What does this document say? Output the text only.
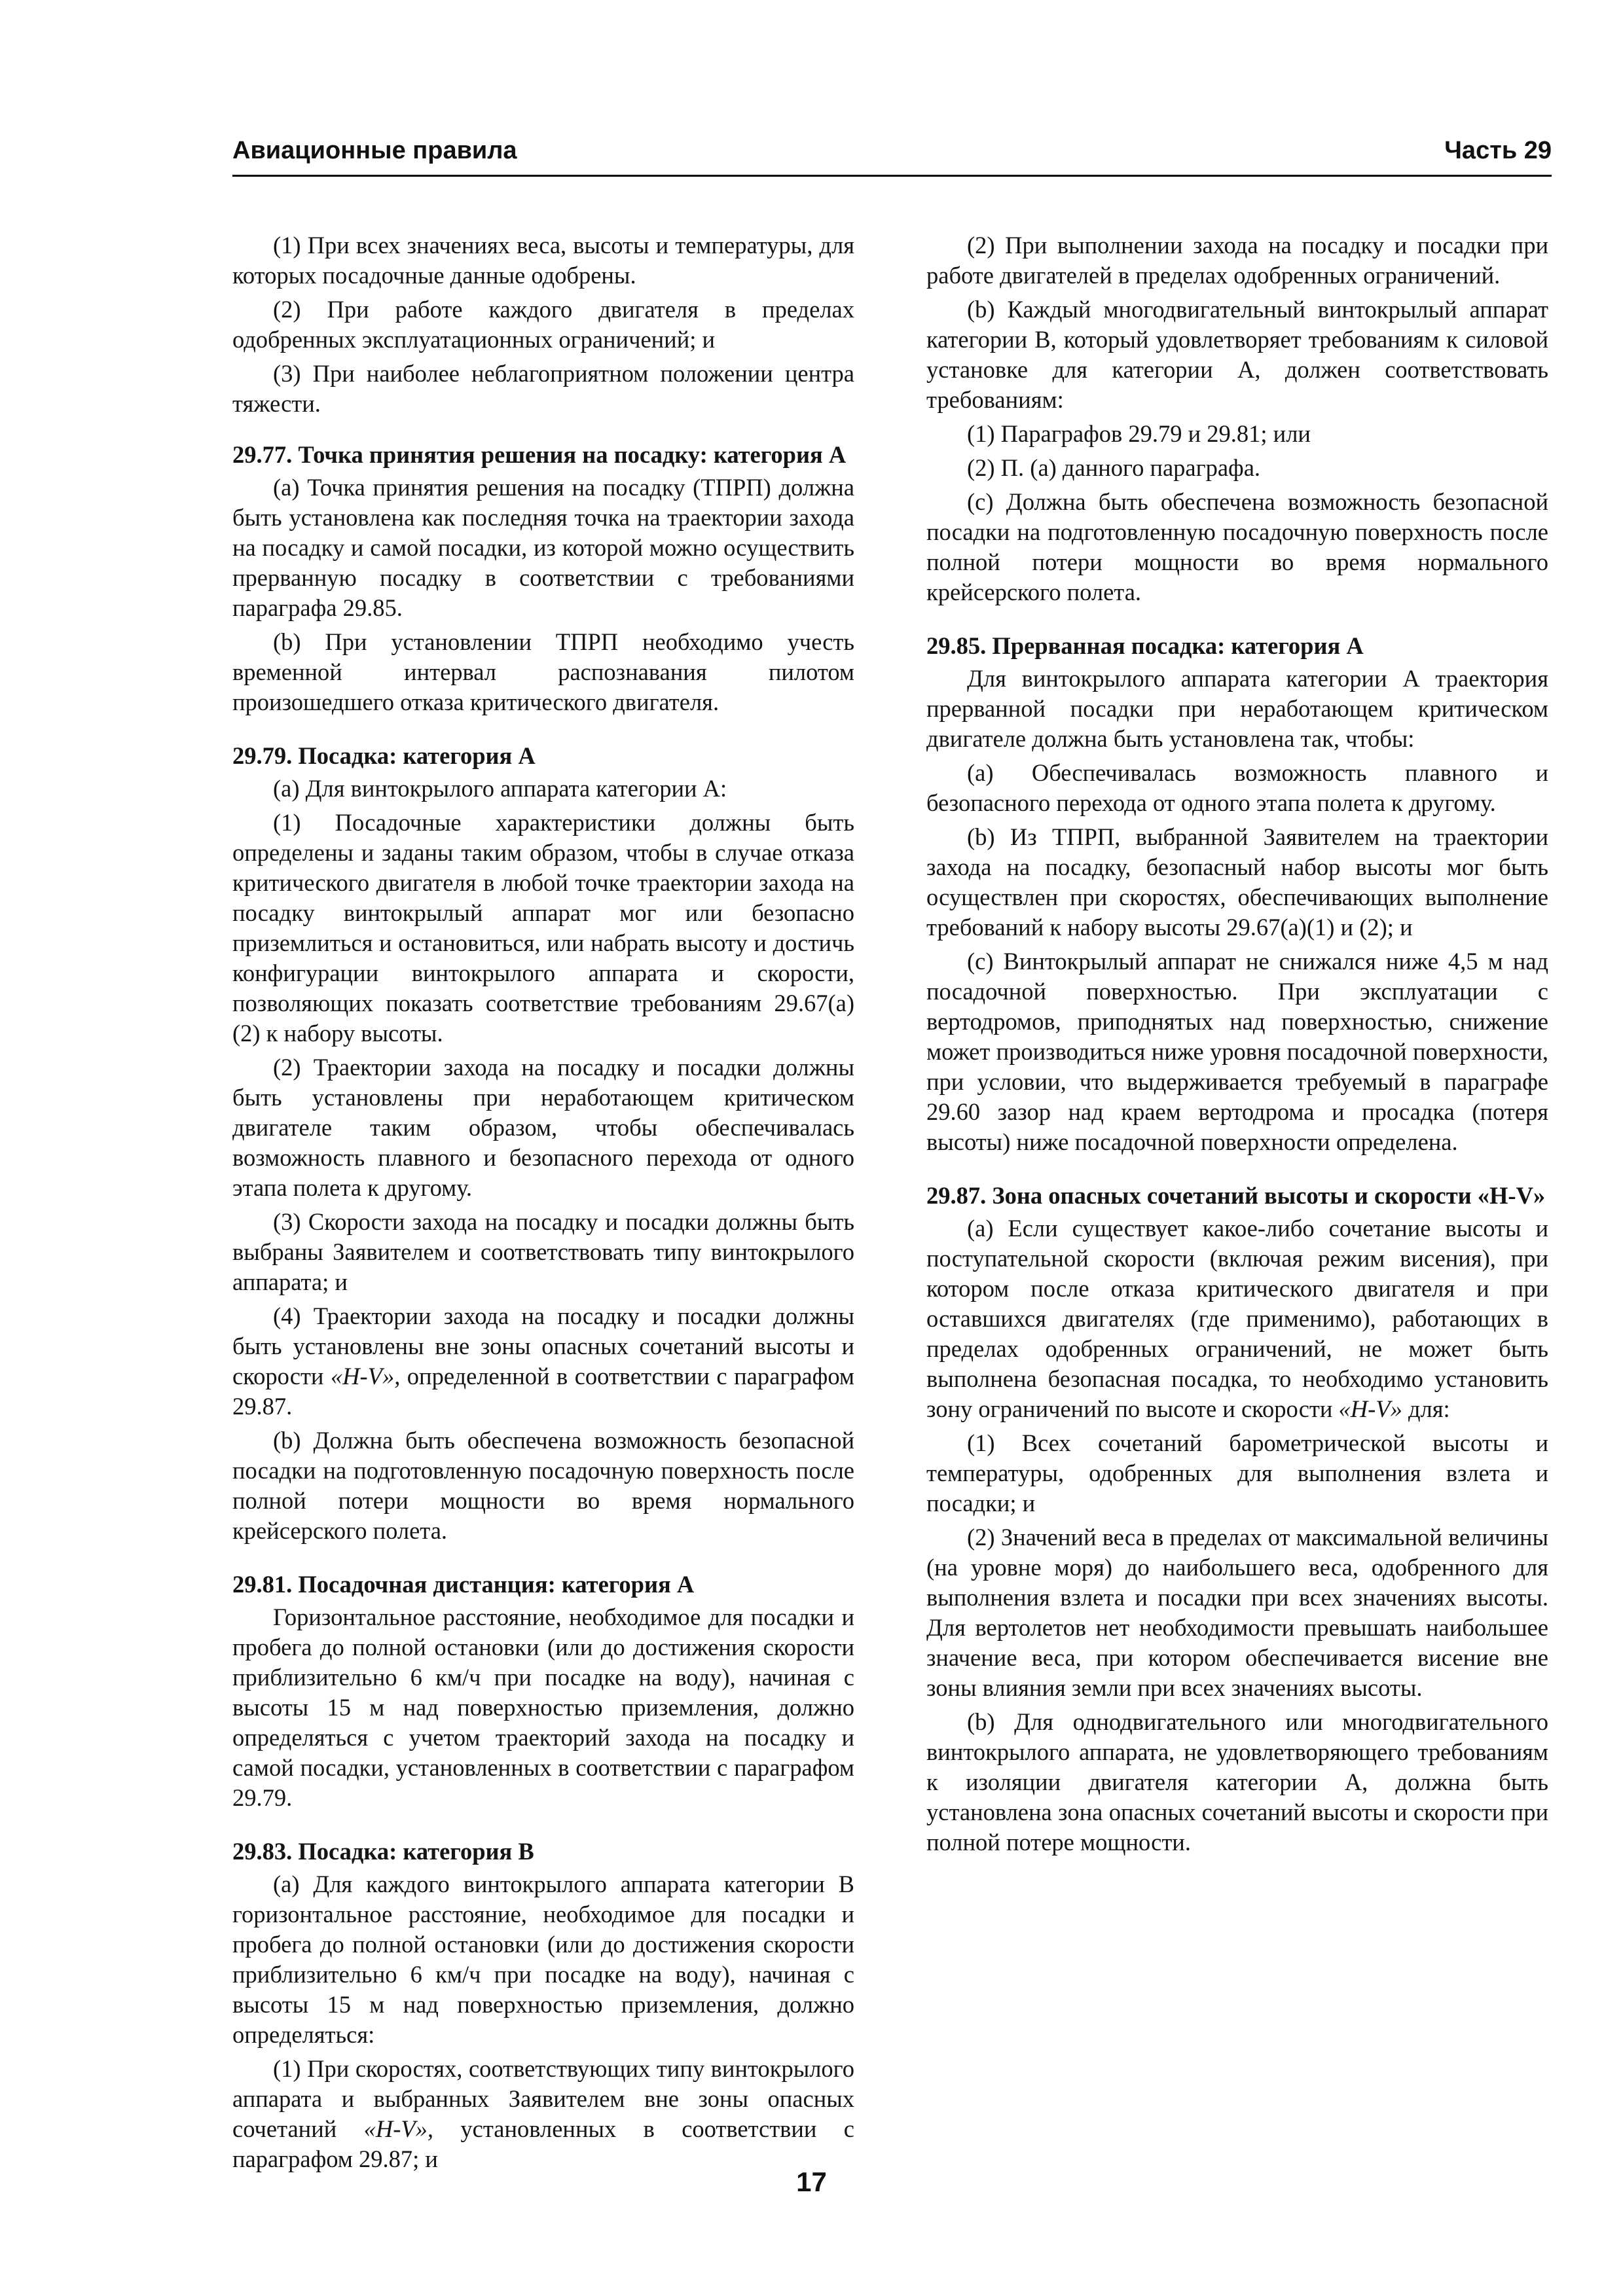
Авиационные правила	Часть 29

(1) При всех значениях веса, высоты и температуры, для которых посадочные данные одобрены.

(2) При работе каждого двигателя в пределах одобренных эксплуатационных ограничений; и

(3) При наиболее неблагоприятном положении центра тяжести.

29.77. Точка принятия решения на посадку: категория А

(а) Точка принятия решения на посадку (ТПРП) должна быть установлена как последняя точка на траектории захода на посадку и самой посадки, из которой можно осуществить прерванную посадку в соответствии с требованиями параграфа 29.85.

(b) При установлении ТПРП необходимо учесть временной интервал распознавания пилотом произошедшего отказа критического двигателя.

29.79. Посадка: категория А

(а) Для винтокрылого аппарата категории А:

(1) Посадочные характеристики должны быть определены и заданы таким образом, чтобы в случае отказа критического двигателя в любой точке траектории захода на посадку винтокрылый аппарат мог или безопасно приземлиться и остановиться, или набрать высоту и достичь конфигурации винтокрылого аппарата и скорости, позволяющих показать соответствие требованиям 29.67(a)(2) к набору высоты.

(2) Траектории захода на посадку и посадки должны быть установлены при неработающем критическом двигателе таким образом, чтобы обеспечивалась возможность плавного и безопасного перехода от одного этапа полета к другому.

(3) Скорости захода на посадку и посадки должны быть выбраны Заявителем и соответствовать типу винтокрылого аппарата; и

(4) Траектории захода на посадку и посадки должны быть установлены вне зоны опасных сочетаний высоты и скорости «H-V», определенной в соответствии с параграфом 29.87.

(b) Должна быть обеспечена возможность безопасной посадки на подготовленную посадочную поверхность после полной потери мощности во время нормального крейсерского полета.

29.81. Посадочная дистанция: категория А

Горизонтальное расстояние, необходимое для посадки и пробега до полной остановки (или до достижения скорости приблизительно 6 км/ч при посадке на воду), начиная с высоты 15 м над поверхностью приземления, должно определяться с учетом траекторий захода на посадку и самой посадки, установленных в соответствии с параграфом 29.79.

29.83. Посадка: категория В

(а) Для каждого винтокрылого аппарата категории В горизонтальное расстояние, необходимое для посадки и пробега до полной остановки (или до достижения скорости приблизительно 6 км/ч при посадке на воду), начиная с высоты 15 м над поверхностью приземления, должно определяться:

(1) При скоростях, соответствующих типу винтокрылого аппарата и выбранных Заявителем вне зоны опасных сочетаний «H-V», установленных в соответствии с параграфом 29.87; и

(2) При выполнении захода на посадку и посадки при работе двигателей в пределах одобренных ограничений.

(b) Каждый многодвигательный винтокрылый аппарат категории В, который удовлетворяет требованиям к силовой установке для категории А, должен соответствовать требованиям:

(1) Параграфов 29.79 и 29.81; или

(2) П. (а) данного параграфа.

(с) Должна быть обеспечена возможность безопасной посадки на подготовленную посадочную поверхность после полной потери мощности во время нормального крейсерского полета.

29.85. Прерванная посадка: категория А

Для винтокрылого аппарата категории А траектория прерванной посадки при неработающем критическом двигателе должна быть установлена так, чтобы:

(а) Обеспечивалась возможность плавного и безопасного перехода от одного этапа полета к другому.

(b) Из ТПРП, выбранной Заявителем на траектории захода на посадку, безопасный набор высоты мог быть осуществлен при скоростях, обеспечивающих выполнение требований к набору высоты 29.67(a)(1) и (2); и

(с) Винтокрылый аппарат не снижался ниже 4,5 м над посадочной поверхностью. При эксплуатации с вертодромов, приподнятых над поверхностью, снижение может производиться ниже уровня посадочной поверхности, при условии, что выдерживается требуемый в параграфе 29.60 зазор над краем вертодрома и просадка (потеря высоты) ниже посадочной поверхности определена.

29.87. Зона опасных сочетаний высоты и скорости «H-V»

(а) Если существует какое-либо сочетание высоты и поступательной скорости (включая режим висения), при котором после отказа критического двигателя и при оставшихся двигателях (где применимо), работающих в пределах одобренных ограничений, не может быть выполнена безопасная посадка, то необходимо установить зону ограничений по высоте и скорости «H-V» для:

(1) Всех сочетаний барометрической высоты и температуры, одобренных для выполнения взлета и посадки; и

(2) Значений веса в пределах от максимальной величины (на уровне моря) до наибольшего веса, одобренного для выполнения взлета и посадки при всех значениях высоты. Для вертолетов нет необходимости превышать наибольшее значение веса, при котором обеспечивается висение вне зоны влияния земли при всех значениях высоты.

(b) Для однодвигательного или многодвигательного винтокрылого аппарата, не удовлетворяющего требованиям к изоляции двигателя категории А, должна быть установлена зона опасных сочетаний высоты и скорости при полной потере мощности.

17
